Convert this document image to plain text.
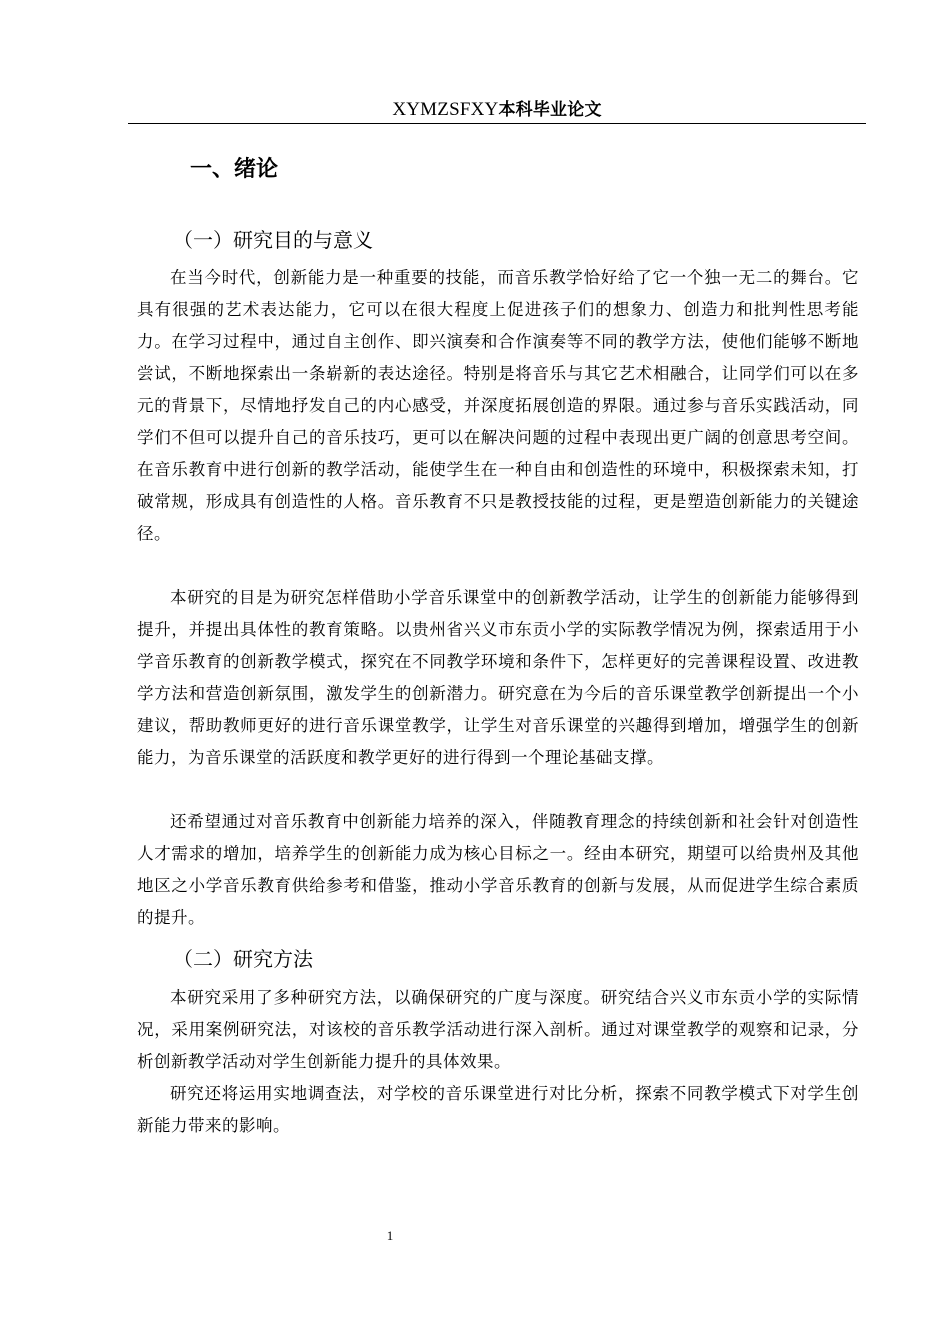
XYMZSFXY本科毕业论文
一、绪论
（一）研究目的与意义

在当今时代，创新能力是一种重要的技能，而音乐教学恰好给了它一个独一无二的舞台。它具有很强的艺术表达能力，它可以在很大程度上促进孩子们的想象力、创造力和批判性思考能力。在学习过程中，通过自主创作、即兴演奏和合作演奏等不同的教学方法，使他们能够不断地尝试，不断地探索出一条崭新的表达途径。特别是将音乐与其它艺术相融合，让同学们可以在多元的背景下，尽情地抒发自己的内心感受，并深度拓展创造的界限。通过参与音乐实践活动，同学们不但可以提升自己的音乐技巧，更可以在解决问题的过程中表现出更广阔的创意思考空间。在音乐教育中进行创新的教学活动，能使学生在一种自由和创造性的环境中，积极探索未知，打破常规，形成具有创造性的人格。音乐教育不只是教授技能的过程，更是塑造创新能力的关键途径。

本研究的目是为研究怎样借助小学音乐课堂中的创新教学活动，让学生的创新能力能够得到提升，并提出具体性的教育策略。以贵州省兴义市东贡小学的实际教学情况为例，探索适用于小学音乐教育的创新教学模式，探究在不同教学环境和条件下，怎样更好的完善课程设置、改进教学方法和营造创新氛围，激发学生的创新潜力。研究意在为今后的音乐课堂教学创新提出一个小建议，帮助教师更好的进行音乐课堂教学，让学生对音乐课堂的兴趣得到增加，增强学生的创新能力，为音乐课堂的活跃度和教学更好的进行得到一个理论基础支撑。

还希望通过对音乐教育中创新能力培养的深入，伴随教育理念的持续创新和社会针对创造性人才需求的增加，培养学生的创新能力成为核心目标之一。经由本研究，期望可以给贵州及其他地区之小学音乐教育供给参考和借鉴，推动小学音乐教育的创新与发展，从而促进学生综合素质的提升。

（二）研究方法

本研究采用了多种研究方法，以确保研究的广度与深度。研究结合兴义市东贡小学的实际情况，采用案例研究法，对该校的音乐教学活动进行深入剖析。通过对课堂教学的观察和记录，分析创新教学活动对学生创新能力提升的具体效果。

研究还将运用实地调查法，对学校的音乐课堂进行对比分析，探索不同教学模式下对学生创新能力带来的影响。

1
